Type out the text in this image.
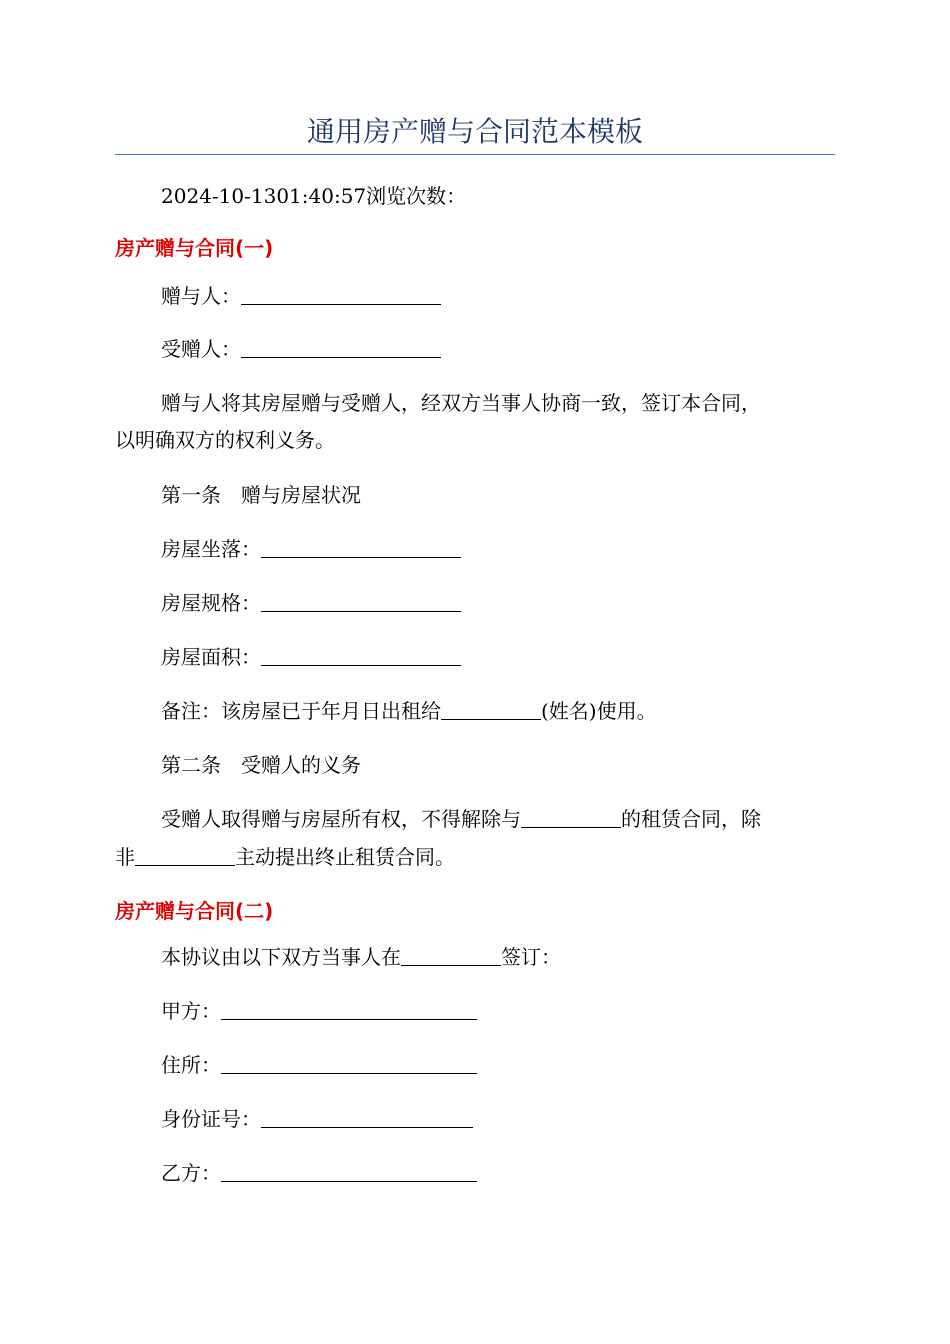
通用房产赠与合同范本模板
2024-10-1301:40:57浏览次数：
房产赠与合同(一)
赠与人：
受赠人：
赠与人将其房屋赠与受赠人，经双方当事人协商一致，签订本合同，
以明确双方的权利义务。
第一条　赠与房屋状况
房屋坐落：
房屋规格：
房屋面积：
备注：该房屋已于年月日出租给	(姓名)使用。
第二条　受赠人的义务
受赠人取得赠与房屋所有权，不得解除与	的租赁合同，除
非	主动提出终止租赁合同。
房产赠与合同(二)
本协议由以下双方当事人在	签订：
甲方：
住所：
身份证号：
乙方：
